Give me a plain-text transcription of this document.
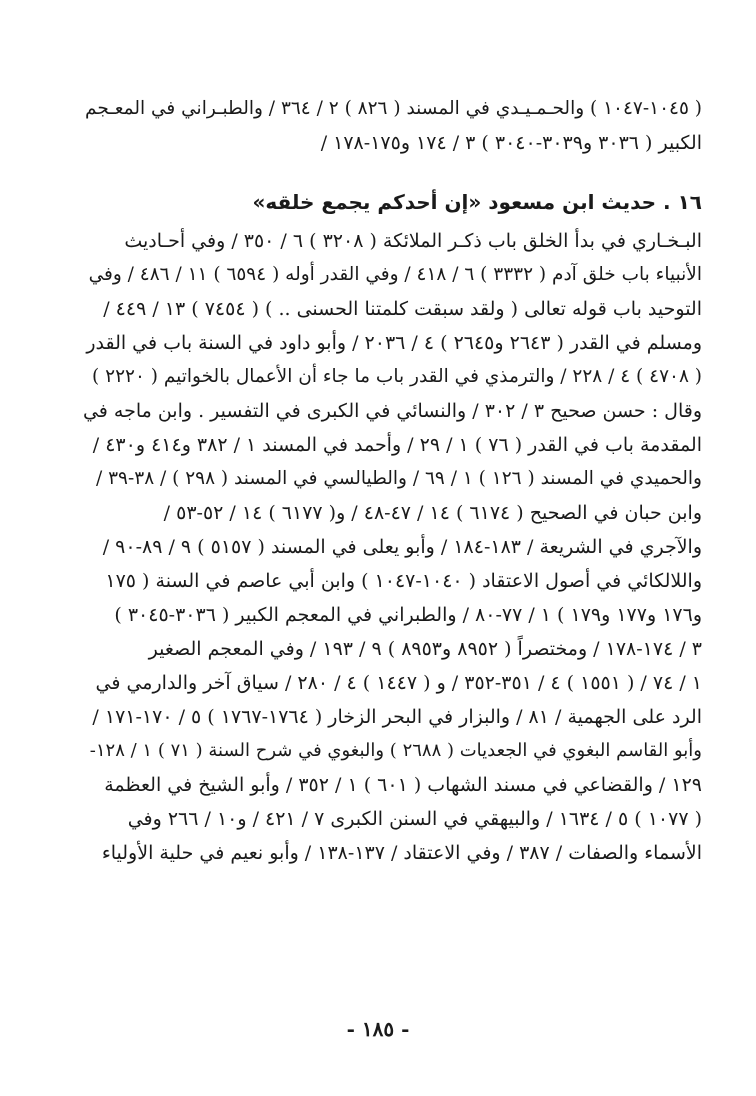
( ١٠٤٥-١٠٤٧ ) والحـمـيـدي في المسند ( ٨٢٦ ) ٢ / ٣٦٤ / والطبـراني في المعـجم
الكبير ( ٣٠٣٦ و٣٠٣٩-٣٠٤٠ ) ٣ / ١٧٤ و١٧٥-١٧٨ /
١٦ . حديث ابن مسعود «إن أحدكم يجمع خلقه»
البـخـاري في بدأ الخلق باب ذكـر الملائكة ( ٣٢٠٨ ) ٦ / ٣٥٠ / وفي أحـاديث
الأنبياء باب خلق آدم ( ٣٣٣٢ ) ٦ / ٤١٨ / وفي القدر أوله ( ٦٥٩٤ ) ١١ / ٤٨٦ / وفي
التوحيد باب قوله تعالى ( ولقد سبقت كلمتنا الحسنى .. ) ( ٧٤٥٤ ) ١٣ / ٤٤٩ /
ومسلم في القدر ( ٢٦٤٣ و٢٦٤٥ ) ٤ / ٢٠٣٦ / وأبو داود في السنة باب في القدر
( ٤٧٠٨ ) ٤ / ٢٢٨ / والترمذي في القدر باب ما جاء أن الأعمال بالخواتيم ( ٢٢٢٠ )
وقال : حسن صحيح ٣ / ٣٠٢ / والنسائي في الكبرى في التفسير . وابن ماجه في
المقدمة باب في القدر ( ٧٦ ) ١ / ٢٩ / وأحمد في المسند ١ / ٣٨٢ و٤١٤ و٤٣٠ /
والحميدي في المسند ( ١٢٦ ) ١ / ٦٩ / والطيالسي في المسند ( ٢٩٨ ) / ٣٨-٣٩ /
وابن حبان في الصحيح ( ٦١٧٤ ) ١٤ / ٤٧-٤٨ / و( ٦١٧٧ ) ١٤ / ٥٢-٥٣ /
والآجري في الشريعة / ١٨٣-١٨٤ / وأبو يعلى في المسند ( ٥١٥٧ ) ٩ / ٨٩-٩٠ /
واللالكائي في أصول الاعتقاد ( ١٠٤٠-١٠٤٧ ) وابن أبي عاصم في السنة ( ١٧٥
و١٧٦ و١٧٧ و١٧٩ ) ١ / ٧٧-٨٠ / والطبراني في المعجم الكبير ( ٣٠٣٦-٣٠٤٥ )
٣ / ١٧٤-١٧٨ / ومختصراً ( ٨٩٥٢ و٨٩٥٣ ) ٩ / ١٩٣ / وفي المعجم الصغير
١ / ٧٤ / ( ١٥٥١ ) ٤ / ٣٥١-٣٥٢ / و ( ١٤٤٧ ) ٤ / ٢٨٠ / سياق آخر والدارمي في
الرد على الجهمية / ٨١ / والبزار في البحر الزخار ( ١٧٦٤-١٧٦٧ ) ٥ / ١٧٠-١٧١ /
وأبو القاسم البغوي في الجعديات ( ٢٦٨٨ ) والبغوي في شرح السنة ( ٧١ ) ١ / ١٢٨-
١٢٩ / والقضاعي في مسند الشهاب ( ٦٠١ ) ١ / ٣٥٢ / وأبو الشيخ في العظمة
( ١٠٧٧ ) ٥ / ١٦٣٤ / والبيهقي في السنن الكبرى ٧ / ٤٢١ / و١٠ / ٢٦٦ وفي
الأسماء والصفات / ٣٨٧ / وفي الاعتقاد / ١٣٧-١٣٨ / وأبو نعيم في حلية الأولياء
- ١٨٥ -
